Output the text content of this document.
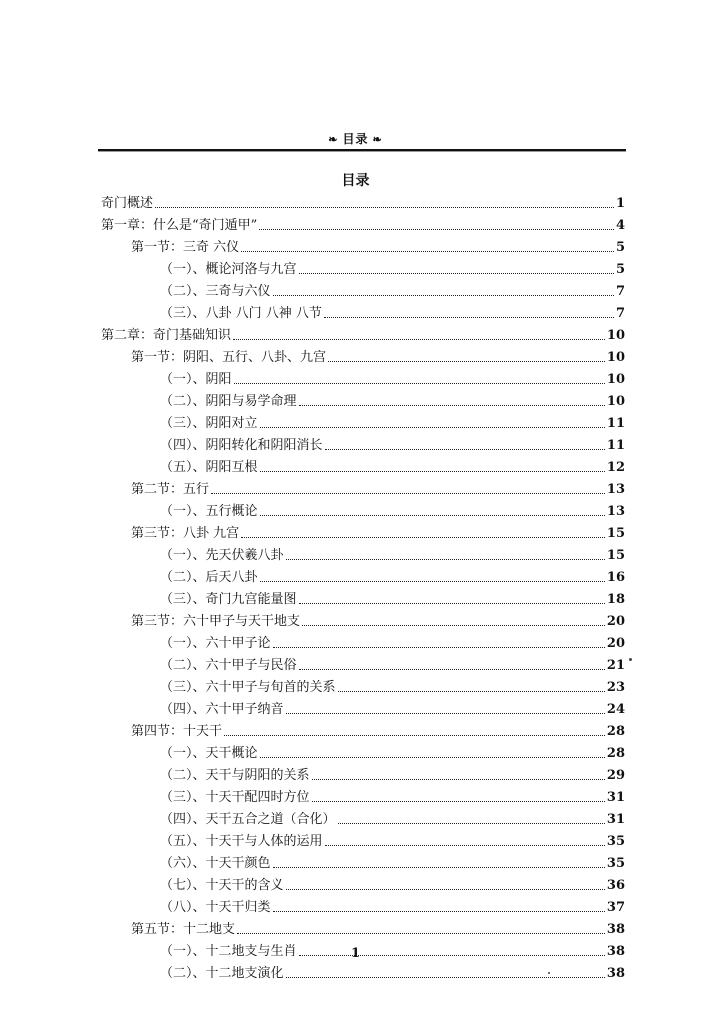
❧ 目录 ❧
目录
奇门概述	1
第一章：什么是“奇门遁甲”	4
第一节：三奇 六仪	5
（一）、概论河洛与九宫	5
（二）、三奇与六仪	7
（三）、八卦 八门 八神 八节	7
第二章：奇门基础知识	10
第一节：阴阳、五行、八卦、九宫	10
（一）、阴阳	10
（二）、阴阳与易学命理	10
（三）、阴阳对立	11
（四）、阴阳转化和阴阳消长	11
（五）、阴阳互根	12
第二节：五行	13
（一）、五行概论	13
第三节：八卦 九宫	15
（一）、先天伏羲八卦	15
（二）、后天八卦	16
（三）、奇门九宫能量图	18
第三节：六十甲子与天干地支	20
（一）、六十甲子论	20
（二）、六十甲子与民俗	21
（三）、六十甲子与旬首的关系	23
（四）、六十甲子纳音	24
第四节：十天干	28
（一）、天干概论	28
（二）、天干与阴阳的关系	29
（三）、十天干配四时方位	31
（四）、天干五合之道（合化）	31
（五）、十天干与人体的运用	35
（六）、十天干颜色	35
（七）、十天干的含义	36
（八）、十天干归类	37
第五节：十二地支	38
（一）、十二地支与生肖	38
（二）、十二地支演化	38
1
